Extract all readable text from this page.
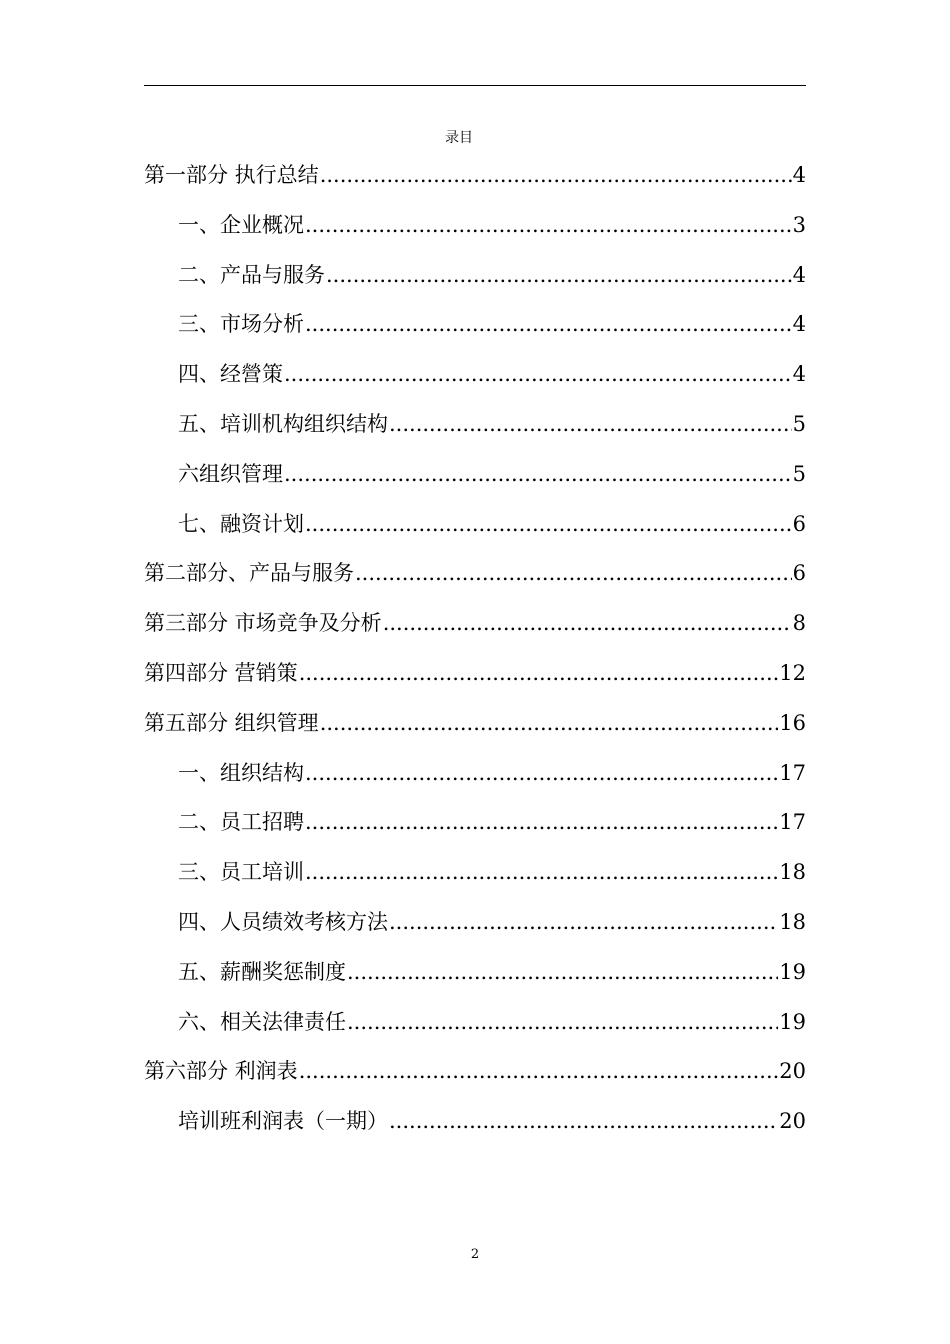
录目
第一部分 执行总结 .....	4
一、企业概况 .....	3
二、产品与服务 .....	4
三、市场分析 .....	4
四、经營策 .....	4
五、培训机构组织结构 .....	5
六组织管理 .....	5
七、融资计划 .....	6
第二部分、产品与服务 .....	6
第三部分 市场竞争及分析 .....	8
第四部分 营销策 .....	12
第五部分 组织管理 .....	16
一、组织结构 .....	17
二、员工招聘 .....	17
三、员工培训 .....	18
四、人员绩效考核方法 .....	18
五、薪酬奖惩制度 .....	19
六、相关法律责任 .....	19
第六部分 利润表 .....	20
培训班利润表（一期） .....	20
2
